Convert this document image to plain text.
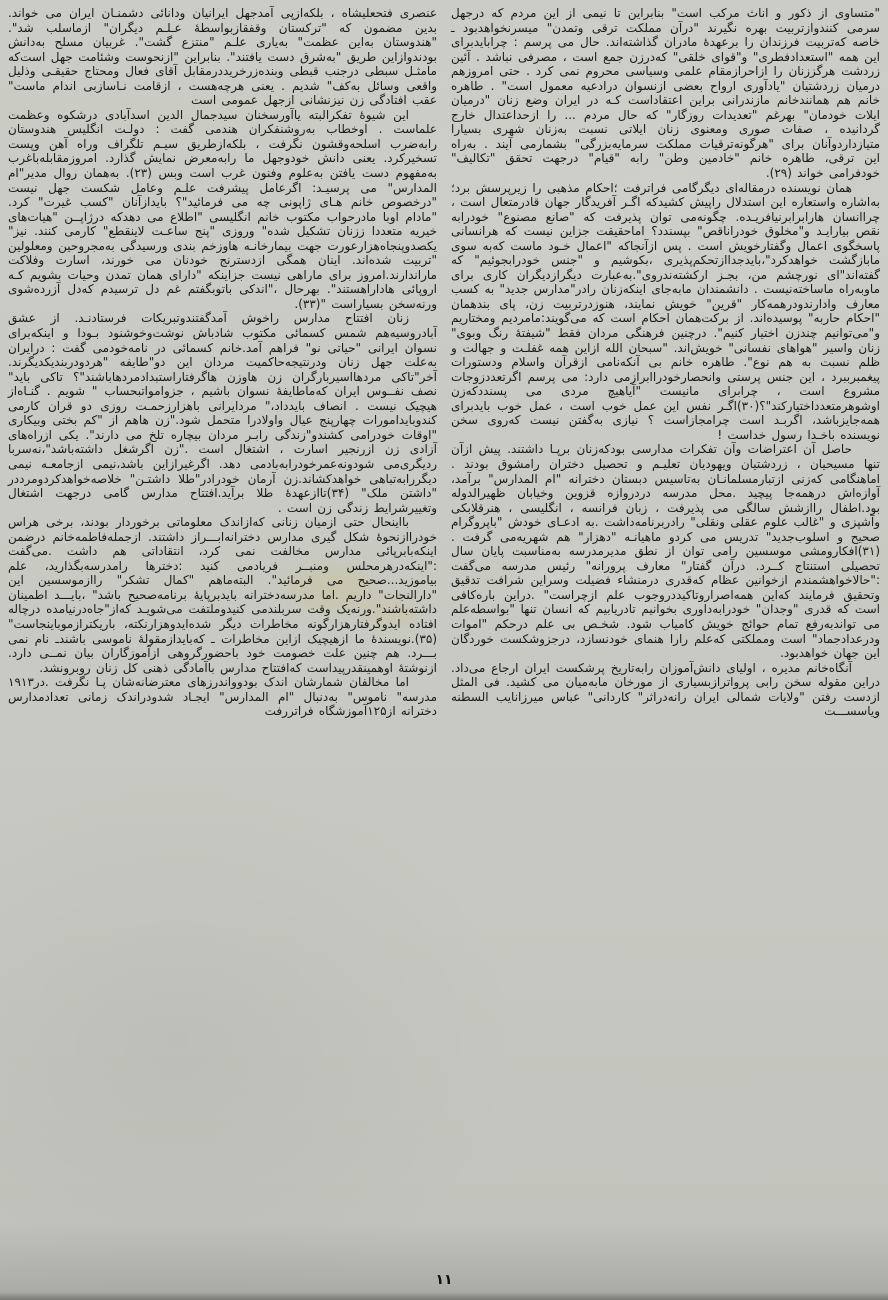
"متساوی از ذکور و اناث مرکب است" بنابراین تا نیمی از این مردم که درجهل سرمی کنندوازتربیت بهره نگیرند "درآن مملکت ترقی وتمدن" میسرنخواهدبود ـ خاصه که‌تربیت فرزندان را برعهدهٔ مادران گذاشته‌اند. حال می پرسم : چرابایدبرای این همه "استعدادفطری" و"قوای خلقی" که‌درزن جمع است ، مصرفی نباشد . آئین زردشت هرگززنان را ازاحرازمقام علمی وسیاسی محروم نمی کرد . حتی امروزهم درمیان زردشتیان "یادآوری ارواح بعضی ازنسوان درادعیه معمول است" . طاهره خانم هم همانندخانم مازندرانی براین اعتقاداست کـه در ایران وضع زنان "درمیان ایلات خودمان" بهرغم "تعدیدات روزگار" که حال مردم ... را ازحداعتدال خارج گردانیده ، صفات صوری ومعنوی زنان ایلاتی نسبت به‌زنان شهری بسیارا متیازداردوآنان برای "هرگونه‌ترقیات مملکت سرمایه‌بزرگی" بشمارمی آیند . به‌راه این ترقی، طاهره خانم "خادمین وطن" رابه "قیام" درجهت تحقق "تکالیف" خودفرامی خواند (۲۹).

همان نویسنده درمقاله‌ای دیگرگامی فراترفت ؛احکام مذهبی را زیرپرسش برد؛به‌اشاره واستعاره این استدلال راپیش کشیدکه اگـر آفریدگار جهان قادرمتعال است ، چراانسان هارابرابرنیافریـده. چگونه‌می توان پذیرفت که "صانع مصنوع" خودرابه نقص بیارایـد و"مخلوق خودراناقص" بپسندد؟ اماحقیقت جزاین نیست که هرانسانی پاسخگوی اعمال وگفتارخویش است . پس ازآنجاکه "اعمال خـود ماست که‌به سوی مابازگشت خواهدکرد"،بایدجداازتحکم‌پذیری ،بکوشیم و "جنس خودرابجوئیم" که گفته‌اند"ای نورچشم من، بجـز ارکشته‌ندروی".به‌عبارت دیگرازدیگران کاری برای ماوبه‌راه ماساخته‌نیست . دانشمندان مابه‌جای اینکه‌زنان رادر"مدارس جدید" به كسب معارف وادارندودرهمه‌کار "قرین" خویش نمایند، هنوزدرتربیت زن، پای بندهمان "احکام حاربه" پوسیده‌اند. از برکت‌همان احکام است که می‌گویند:مامردیم ومختاریم و"می‌توانیم چندزن اختیار كنیم". درچنین فرهنگی مردان فقط "شیفتهٔ رنگ وبوی" زنان واسیر "هواهای نفسانی" خویش‌اند. "سبحان الله ازاین همه غفلـت و جهالت و ظلم نسبت به هم نوع". طاهره خانم بی آنکه‌نامی ازقرآن واسلام ودستورات پیغمبرببرد ، این جنس پرستی وانحصارخودراابرازمی دارد: می پرسم اگرتعددزوجات مشروع است ، چرابرای مانیست "آیاهیچ مردی می پسنددکه‌زن اوشوهرمتعدداختیارکند"؟(۳۰)اگـر نفس این عمل خوب است ، عمل خوب بایدبرای همه‌جایزباشد، اگربـد است چرامجازاست ؟ نیازی به‌گفتن نیست که‌روی سخن نویسنده باخـدا رسول خداست !

حاصل آن اعتراضات وآن تفکرات مدارسی بودکه‌زنان برپـا داشتند. پیش ازآن تنها مسیحیان ، زردشتیان ویهودیان تعلیـم و تحصیل دختران رامشوق بودند . اماهنگامی که‌زنی ازتبارمسلمانـان به‌تاسیس دبستان دخترانه "ام المدارس" برآمد، آوازه‌اش درهمه‌جا پیچید .محل مدرسه دردروازه قزوین وخیابان ظهیرالدوله بود.اطفال راازشش سالگی می پذیرفت ، زبان فرانسه ، انگلیسی ، هنرقلابکی وآشپزی و "غالب علوم عقلی ونقلی" رادربرنامه‌داشت .به ادعـای خودش "باپروگرام صحیح و اسلوب‌جدید" تدریس می کردو ماهیانـه "دهزار" هم شهریه‌می گرفت .(۳۱)افکارومشی موسسین رامی توان از نطق مدیرمدرسه به‌مناسبت پایان سال تحصیلی استنتاج کــرد. درآن گفتار" معارف پرورانه" رئیس مدرسه می‌گفت :"حالاخواهشمندم ازخوانین عظام که‌قدری درمنشاء فضیلت وسراین شرافت تدقیق وتحقیق فرمایند كه‌این همه‌اصراروتاکیددروجوب علم ازچراست" .دراین باره‌کافی است که قدری "وجدان" خودرابه‌داوری بخوانیم تادریابیم که انسان تنها "بواسطه‌علم می تواندبه‌رفع تمام حوائج خویش کامیاب شود. شخـص بی علم درحکم "اموات ودرعدادجماد" است ومملکتی که‌علم رارا هنمای خودنسازد، درجزوشکست خوردگان این جهان خواهدبود.

آنگاه‌خانم مدیره ، اولیای دانش‌آموزان رابه‌تاریخ پرشکست ایران ارجاع می‌داد. دراین مقوله سخن رابی پرواترازبسیاری از مورخان مابه‌میان می کشید. فی المثل ازدست رفتن "ولایات شمالی ایران رانه‌دراثر" کاردانی" عباس میرزانایب السطنه ویاسســـت

عنصری فتحعلیشاه ، بلکه‌ازپی آمدجهل ایرانیان ودانائی دشمنـان ایران می خواند. بدین مضمون که "ترکستان وقفقازبواسطهٔ عـلـم دیگران" ازماسلب شد". "هندوستان به‌این عظمت" به‌یاری علـم "منتزع گشت". غربیان مسلح به‌دانش بودندوازاین طریق "به‌شرق دست یافتند". بنابراین "ازنحوست وشئامت جهل است‌که مامثـل سبطی درجنب قبطی وبنده‌زرخریددرمقابل آقای فعال ومحتاج حقیقـی وذلیل واقعی وسائل به‌کف" شدیم . یعنی هرچه‌هست ، ازقامت نـاسازبی اندام ماست" عقب افتادگی زن نیزنشانی ازجهل عمومی است

این شیوهٔ تفکرالبته یاآورسخنان سیدجمال الدین اسدآبادی درشکوه وعظمت علماست . اوخطاب به‌روشنفکران هندمی گفت : دولـت انگلیس هندوستان رابه‌ضرب اسلحه‌وقشون نگرفت ، بلکه‌ازطریق سیـم تلگراف وراه آهن وپست تسخیرکرد. یعنی دانش خودوجهل ما رابه‌معرض نمایش گذارد. امروزمقابله‌باغرب به‌مفهوم دست یافتن به‌علوم وفنون غرب است وبس (۲۳). به‌همان روال مدیر"ام المدارس" می پرسیـد: اگرعامل پیشرفت علـم وعامل شکست جهل نیست "درخصوص خانم هـای ژاپونی چه می فرمائید"؟ بایدازآنان "کسب غیرت" کرد. "مادام اوبا مادرحواب مکتوب خانم انگلیسی "اطلاع می دهدکه درژاپــن "هیات‌های خیریه متعددا ززنان تشکیل شده" وروزی "پنج ساعـت لاینقطع" کارمی کنند. نیز" یکصدوپنجاه‌هزارعورت جهت بیمارخانـه‌ هاوزخم بندی ورسیدگی به‌مجروحین ومعلولین "تربیت شده‌اند. اینان همگی ازدسترنج خودنان می خورند، اسارت وفلاکت ماراندارند.امروز برای ماراهی نیست جزاینکه "دارای همان تمدن وحیات بشویم کـه اروپائی هاداراهستند". بهرحال ،"اندکی باتوبگفتم غم دل ترسیدم که‌دل آزرده‌شوی ورنه‌سخن بسیاراست "(۳۳).

زنان افتتاح مدارس راخوش آمدگفتندوتبریکات فرستادنـد. از عشق آبادروسیه‌هم شمس کسمائی مکتوب شادباش نوشت‌وخوشنود بـودا و اینکه‌برای نسوان ایرانی "حیاتی نو" فراهم آمد.خانم کسمائی در نامه‌خودمی گفت : درایران به‌علت جهل زنان ودرنتیجه‌حاکمیت مردان این دو"طایفه "هردودربندیکدیگرند. آخر"تاکی مردهااسیربارگران زن هاوزن هاگرفتاراستبدادمردهاباشند"؟ تاکی باید" نصف نفــوس ایران كه‌ماطایفهٔ نسوان باشیم ، جزوامواتبحساب " شویم . گنـاه‌از هیچیک نیست . انصاف بایدداد،" مردایرانی باهزارزحمـت روزی دو قران کارمی کندوبایدامورات چهارپنج عیال واولادرا متحمل شود."زن هاهم از "کم بختی وبیکاری "اوقات خودرامی کشندو"زندگی رابـر مردان بیچاره تلخ می دارند". یکی ازراه‌های آزادی زن ازرنجیر اسارت ، اشتغال است ."زن اگرشغل داشته‌باشد"،نه‌سربا ردیگری‌می‌ شودونه‌عمرخودرابه‌بادمی دهد. اگرغیرازاین باشد،نیمی ازجامعـه نیمی دیگررابه‌تباهی خواهدکشاند.زن آرمان خودرادر"طلا داشتـن" خلاصه‌خواهدکردومرددر "داشتن ملک" (۳۴)تاازعهدهٔ طلا برآید.افتتاح مدارس گامی درجهت اشتغال وتغییرشرایط زندگی زن است .

بااینحال حتی ازمیان زنانی که‌ازاندک معلوماتی برخوردار بودند، برخی هراس خودراازنحوهٔ شکل گیری مدارس دخترانه‌ابـــراز داشتند. ازجمله‌فاطمه‌خانم درضمن اینکه‌بابرپائی مدارس مخالفت نمی کرد، انتقاداتی هم داشت .می‌گفت :"اینکه‌درهرمحلس ومنبــر فریادمی کنید :دخترها رامدرسه‌بگذارید، علم بیاموزید...صحیح می فرمائید". البته‌ماهم "کمال تشکر" راازموسسین این "دارالنجات" داریم .اما مدرسه‌دخترانه بایدبرپایهٔ برنامه‌صحیح باشد" ،بایـــد اطمینان داشته‌باشند".ورنه‌یک وقت سربلندمی کنیدوملتفت می‌شویـد كه‌از"جاه‌درنیامده درچاله افتاده ایدوگرفتارهزارگونه مخاطرات دیگر شده‌ایدوهزارنکته، باریکترازموباینجاست" (۳۵).نویسندهٔ ما ازهیچیک ازاین مخاطرات ـ که‌بایدازمقولهٔ ناموسی باشندـ نام نمی بـــرد. هم چنین علت خصومت خود باحضورگروهی ازآموزگاران بیان نمــی‌ دارد. ازنوشتهٔ اوهمینقدرپیداست که‌افتتاح مدارس باآمادگی ذهنی كل زنان روبرونشد.

اما مخالفان شمارشان اندک بودوواندرزهای معترضانه‌شان پـا نگرفت .در۱۹۱۳ مدرسه" ناموس" به‌دنبال "ام المدارس" ایجـاد شدودراندک زمانی تعدادمدارس دخترانه از۱۲۵آموزشگاه فراتررفت

۱۱
